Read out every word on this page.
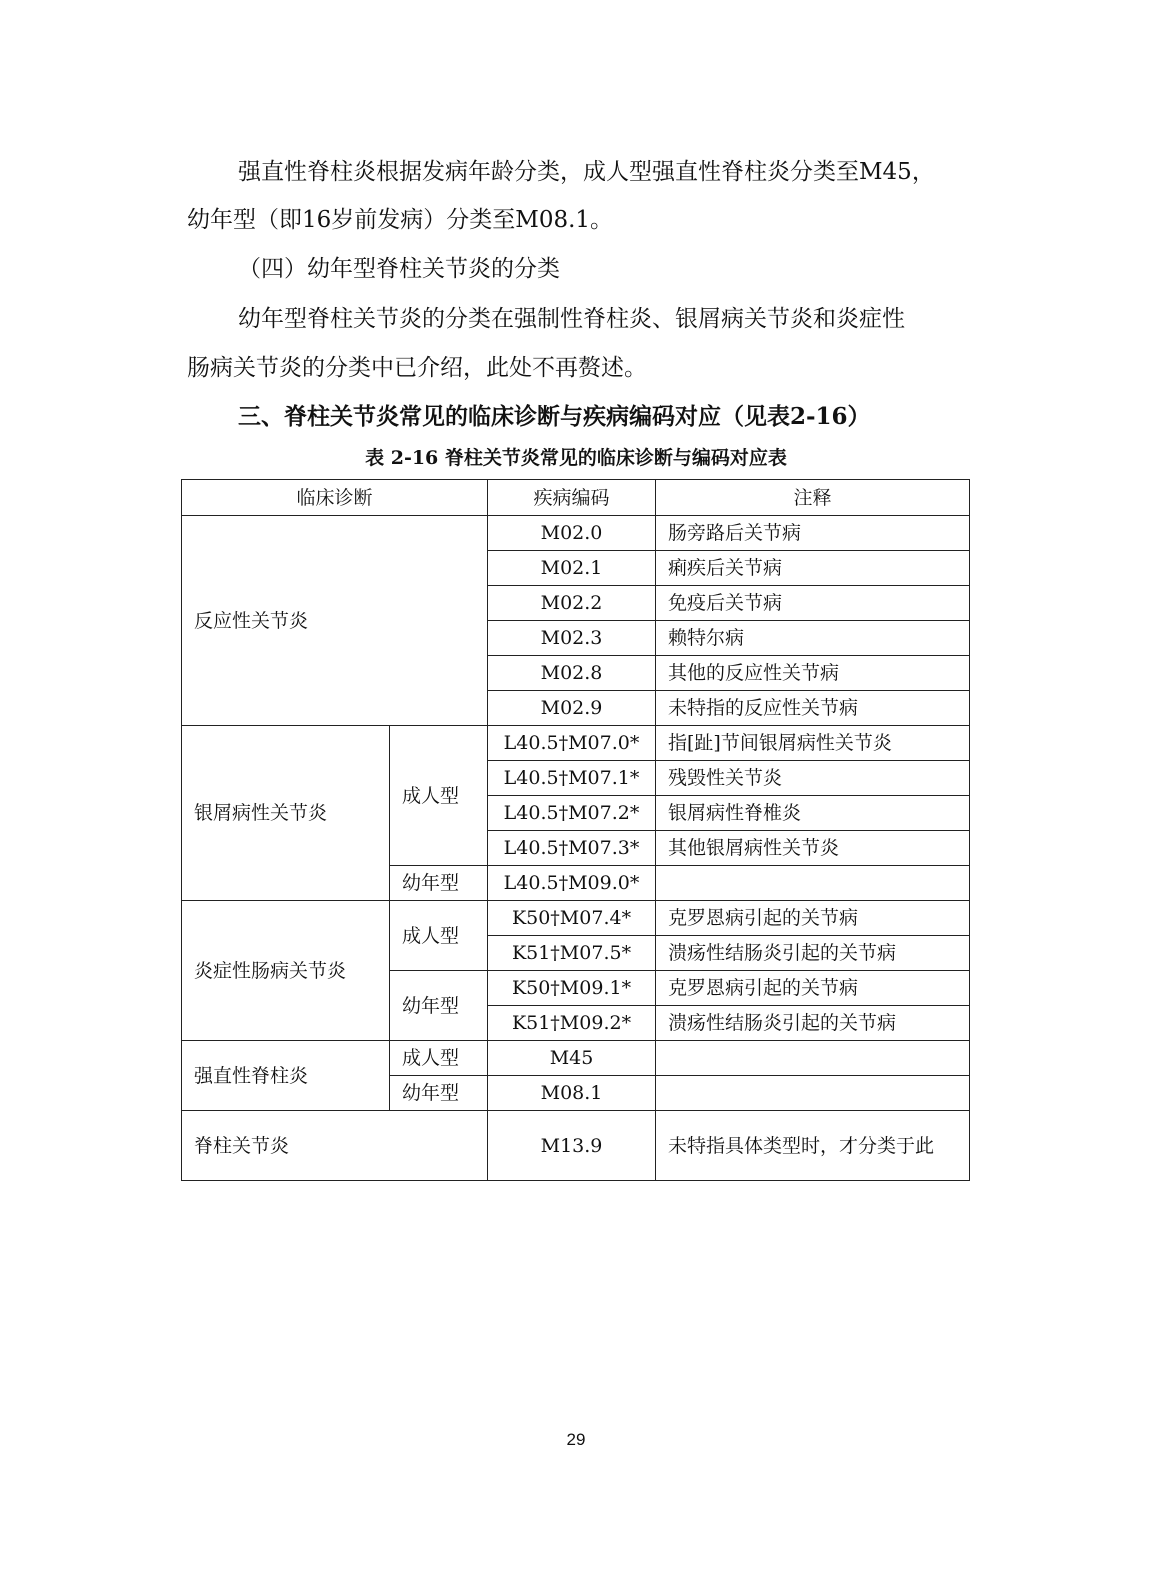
强直性脊柱炎根据发病年龄分类，成人型强直性脊柱炎分类至M45，
幼年型（即16岁前发病）分类至M08.1。
（四）幼年型脊柱关节炎的分类
幼年型脊柱关节炎的分类在强制性脊柱炎、银屑病关节炎和炎症性
肠病关节炎的分类中已介绍，此处不再赘述。
三、脊柱关节炎常见的临床诊断与疾病编码对应（见表2-16）
表 2-16 脊柱关节炎常见的临床诊断与编码对应表
临床诊断		疾病编码	注释
反应性关节炎		M02.0	肠旁路后关节病
		M02.1	痢疾后关节病
		M02.2	免疫后关节病
		M02.3	赖特尔病
		M02.8	其他的反应性关节病
		M02.9	未特指的反应性关节病
银屑病性关节炎	成人型	L40.5†M07.0*	指[趾]节间银屑病性关节炎
		L40.5†M07.1*	残毁性关节炎
		L40.5†M07.2*	银屑病性脊椎炎
		L40.5†M07.3*	其他银屑病性关节炎
	幼年型	L40.5†M09.0*	
炎症性肠病关节炎	成人型	K50†M07.4*	克罗恩病引起的关节病
		K51†M07.5*	溃疡性结肠炎引起的关节病
	幼年型	K50†M09.1*	克罗恩病引起的关节病
		K51†M09.2*	溃疡性结肠炎引起的关节病
强直性脊柱炎	成人型	M45	
	幼年型	M08.1	
脊柱关节炎		M13.9	未特指具体类型时，才分类于此
29
